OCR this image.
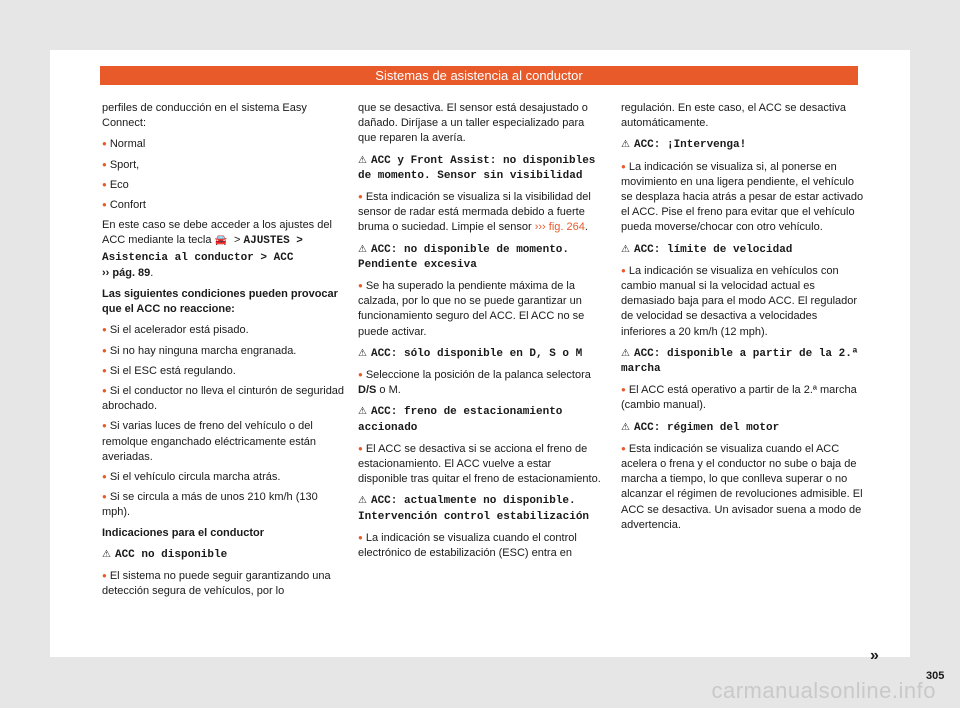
Sistemas de asistencia al conductor

perfiles de conducción en el sistema Easy Connect:

● Normal
● Sport,
● Eco
● Confort

En este caso se debe acceder a los ajustes del ACC mediante la tecla 🚘 > AJUSTES > Asistencia al conductor > ACC
›› pág. 89.

Las siguientes condiciones pueden provocar que el ACC no reaccione:

● Si el acelerador está pisado.
● Si no hay ninguna marcha engranada.
● Si el ESC está regulando.
● Si el conductor no lleva el cinturón de seguridad abrochado.
● Si varias luces de freno del vehículo o del remolque enganchado eléctricamente están averiadas.
● Si el vehículo circula marcha atrás.
● Si se circula a más de unos 210 km/h (130 mph).

Indicaciones para el conductor

⚠ ACC no disponible

● El sistema no puede seguir garantizando una detección segura de vehículos, por lo

que se desactiva. El sensor está desajustado o dañado. Diríjase a un taller especializado para que reparen la avería.

⚠ ACC y Front Assist: no disponibles de momento. Sensor sin visibilidad

● Esta indicación se visualiza si la visibilidad del sensor de radar está mermada debido a fuerte bruma o suciedad. Limpie el sensor ››› fig. 264.

⚠ ACC: no disponible de momento. Pendiente excesiva

● Se ha superado la pendiente máxima de la calzada, por lo que no se puede garantizar un funcionamiento seguro del ACC. El ACC no se puede activar.

⚠ ACC: sólo disponible en D, S o M

● Seleccione la posición de la palanca selectora D/S o M.

⚠ ACC: freno de estacionamiento accionado

● El ACC se desactiva si se acciona el freno de estacionamiento. El ACC vuelve a estar disponible tras quitar el freno de estacionamiento.

⚠ ACC: actualmente no disponible. Intervención control estabilización

● La indicación se visualiza cuando el control electrónico de estabilización (ESC) entra en

regulación. En este caso, el ACC se desactiva automáticamente.

⚠ ACC: ¡Intervenga!

● La indicación se visualiza si, al ponerse en movimiento en una ligera pendiente, el vehículo se desplaza hacia atrás a pesar de estar activado el ACC. Pise el freno para evitar que el vehículo pueda moverse/chocar con otro vehículo.

⚠ ACC: límite de velocidad

● La indicación se visualiza en vehículos con cambio manual si la velocidad actual es demasiado baja para el modo ACC. El regulador de velocidad se desactiva a velocidades inferiores a 20 km/h (12 mph).

⚠ ACC: disponible a partir de la 2.ª marcha

● El ACC está operativo a partir de la 2.ª marcha (cambio manual).

⚠ ACC: régimen del motor

● Esta indicación se visualiza cuando el ACC acelera o frena y el conductor no sube o baja de marcha a tiempo, lo que conlleva superar o no alcanzar el régimen de revoluciones admisible. El ACC se desactiva. Un avisador suena a modo de advertencia.

»
305
carmanualsonline.info
